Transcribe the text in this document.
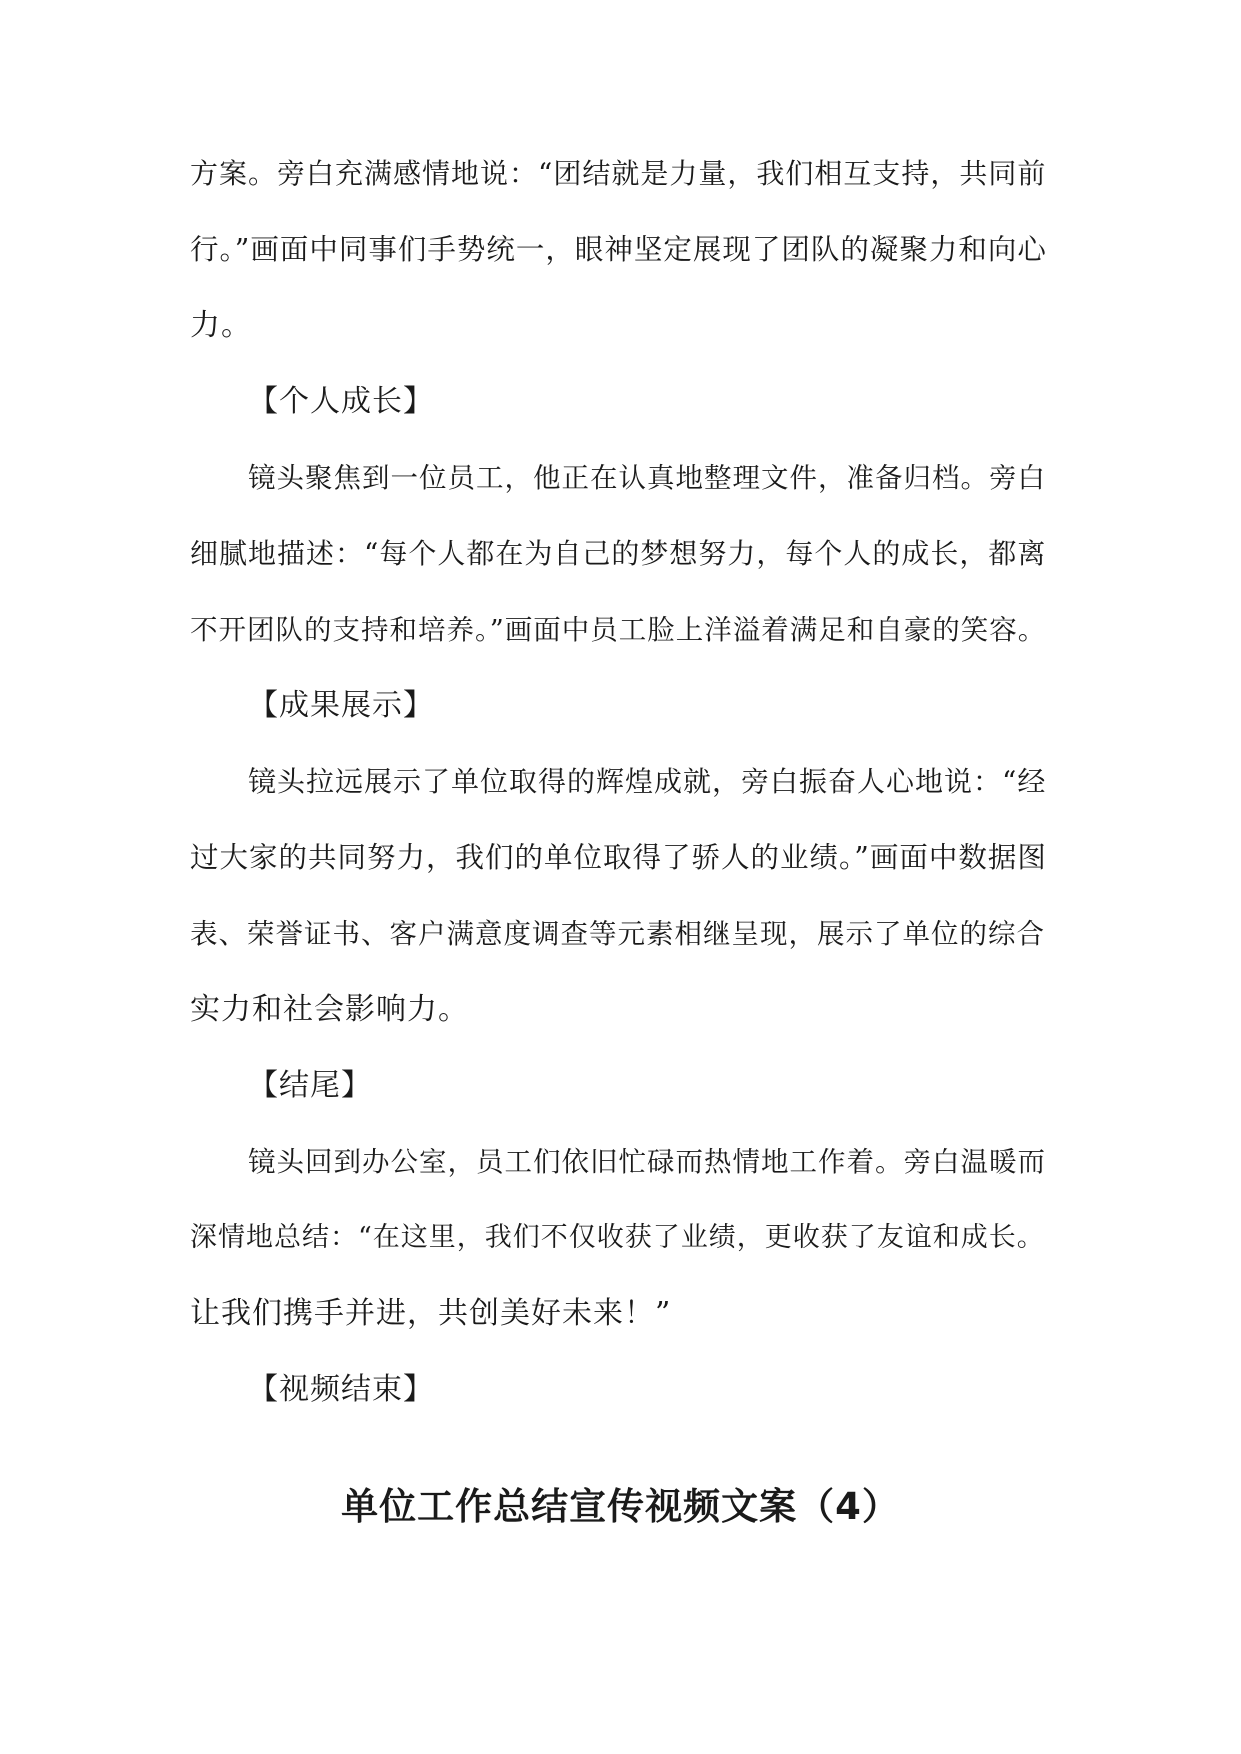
方案。旁白充满感情地说：“团结就是力量，我们相互支持，共同前
行。”画面中同事们手势统一，眼神坚定展现了团队的凝聚力和向心
力。
【个人成长】
镜头聚焦到一位员工，他正在认真地整理文件，准备归档。旁白
细腻地描述：“每个人都在为自己的梦想努力，每个人的成长，都离
不开团队的支持和培养。”画面中员工脸上洋溢着满足和自豪的笑容。
【成果展示】
镜头拉远展示了单位取得的辉煌成就，旁白振奋人心地说：“经
过大家的共同努力，我们的单位取得了骄人的业绩。”画面中数据图
表、荣誉证书、客户满意度调查等元素相继呈现，展示了单位的综合
实力和社会影响力。
【结尾】
镜头回到办公室，员工们依旧忙碌而热情地工作着。旁白温暖而
深情地总结：“在这里，我们不仅收获了业绩，更收获了友谊和成长。
让我们携手并进，共创美好未来！”
【视频结束】
单位工作总结宣传视频文案（4）
